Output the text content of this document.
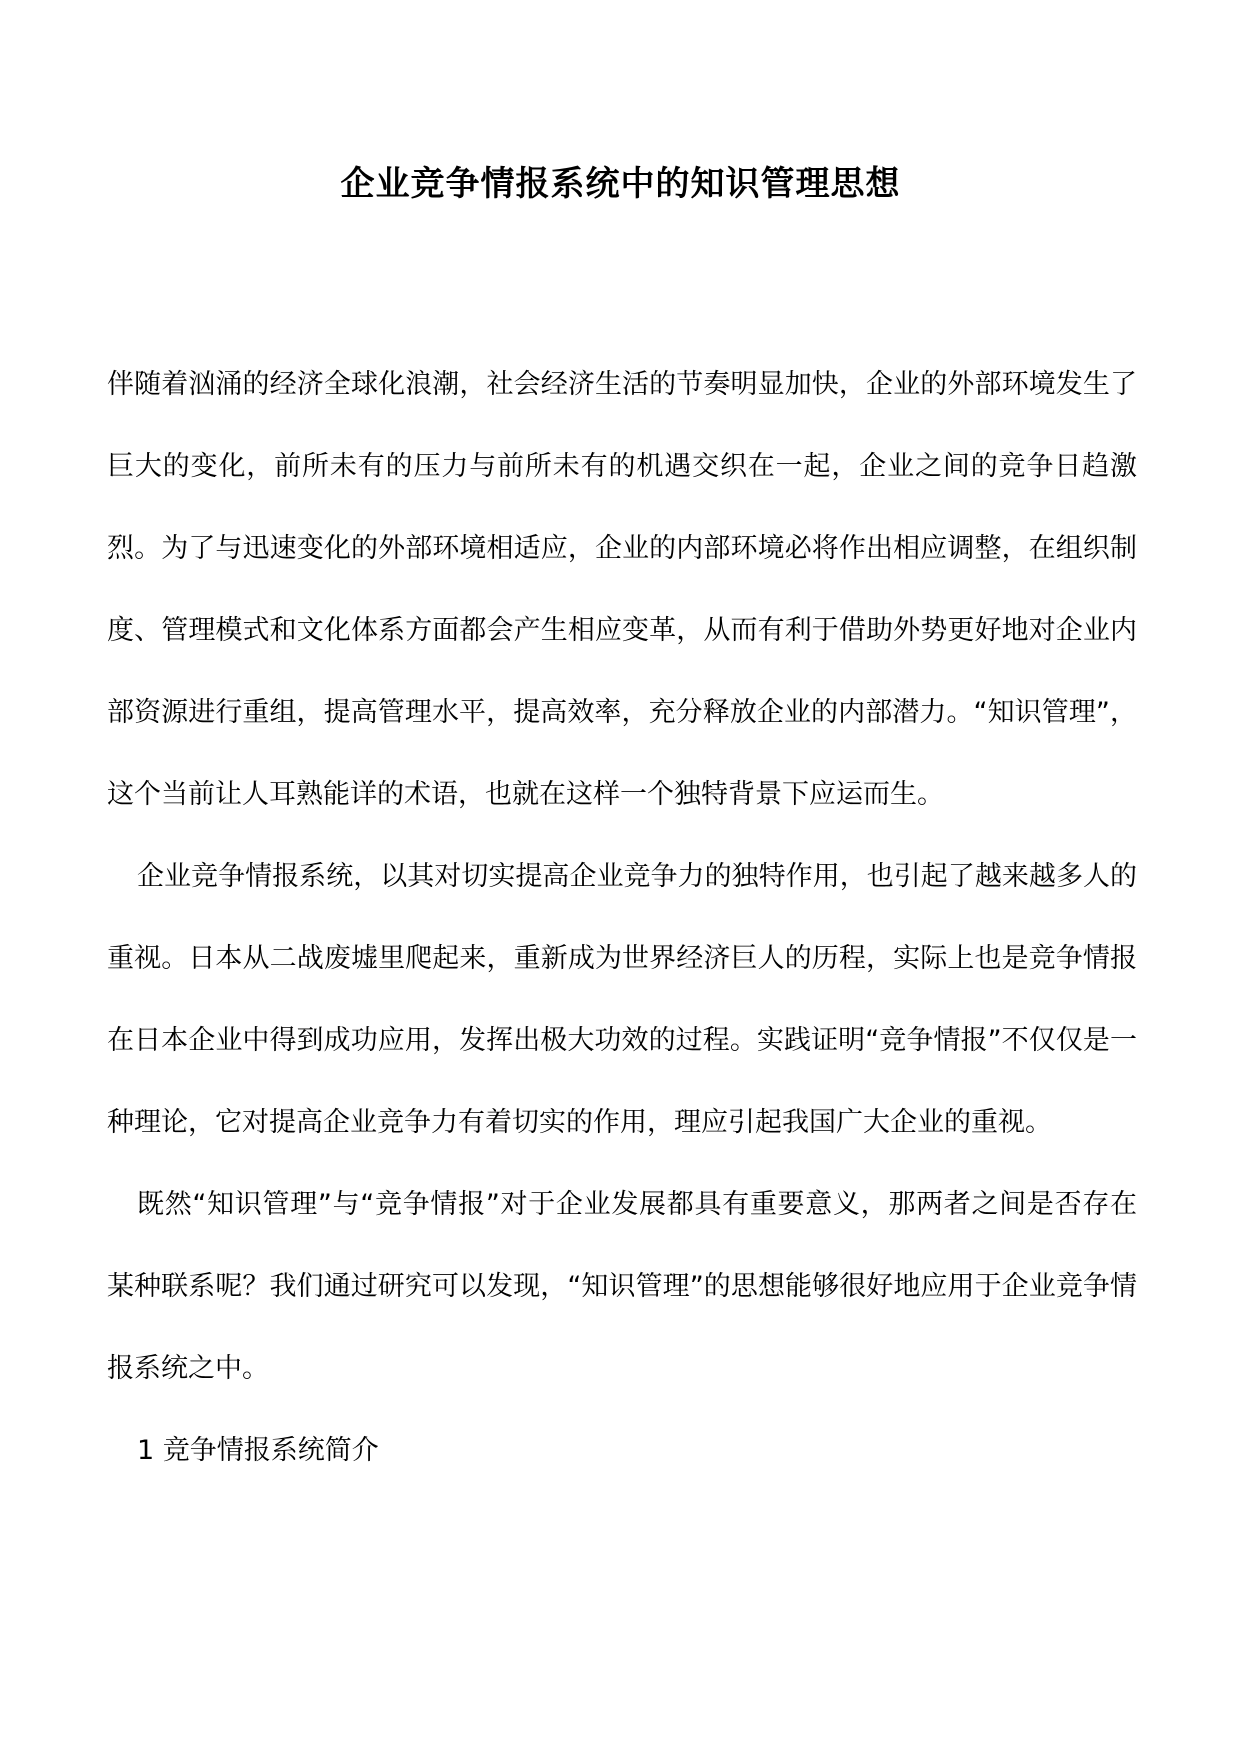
企业竞争情报系统中的知识管理思想

伴随着汹涌的经济全球化浪潮，社会经济生活的节奏明显加快，企业的外部环境发生了巨大的变化，前所未有的压力与前所未有的机遇交织在一起，企业之间的竞争日趋激烈。为了与迅速变化的外部环境相适应，企业的内部环境必将作出相应调整，在组织制度、管理模式和文化体系方面都会产生相应变革，从而有利于借助外势更好地对企业内部资源进行重组，提高管理水平，提高效率，充分释放企业的内部潜力。“知识管理”，这个当前让人耳熟能详的术语，也就在这样一个独特背景下应运而生。

企业竞争情报系统，以其对切实提高企业竞争力的独特作用，也引起了越来越多人的重视。日本从二战废墟里爬起来，重新成为世界经济巨人的历程，实际上也是竞争情报在日本企业中得到成功应用，发挥出极大功效的过程。实践证明“竞争情报”不仅仅是一种理论，它对提高企业竞争力有着切实的作用，理应引起我国广大企业的重视。

既然“知识管理”与“竞争情报”对于企业发展都具有重要意义，那两者之间是否存在某种联系呢？我们通过研究可以发现，“知识管理”的思想能够很好地应用于企业竞争情报系统之中。

1 竞争情报系统简介
